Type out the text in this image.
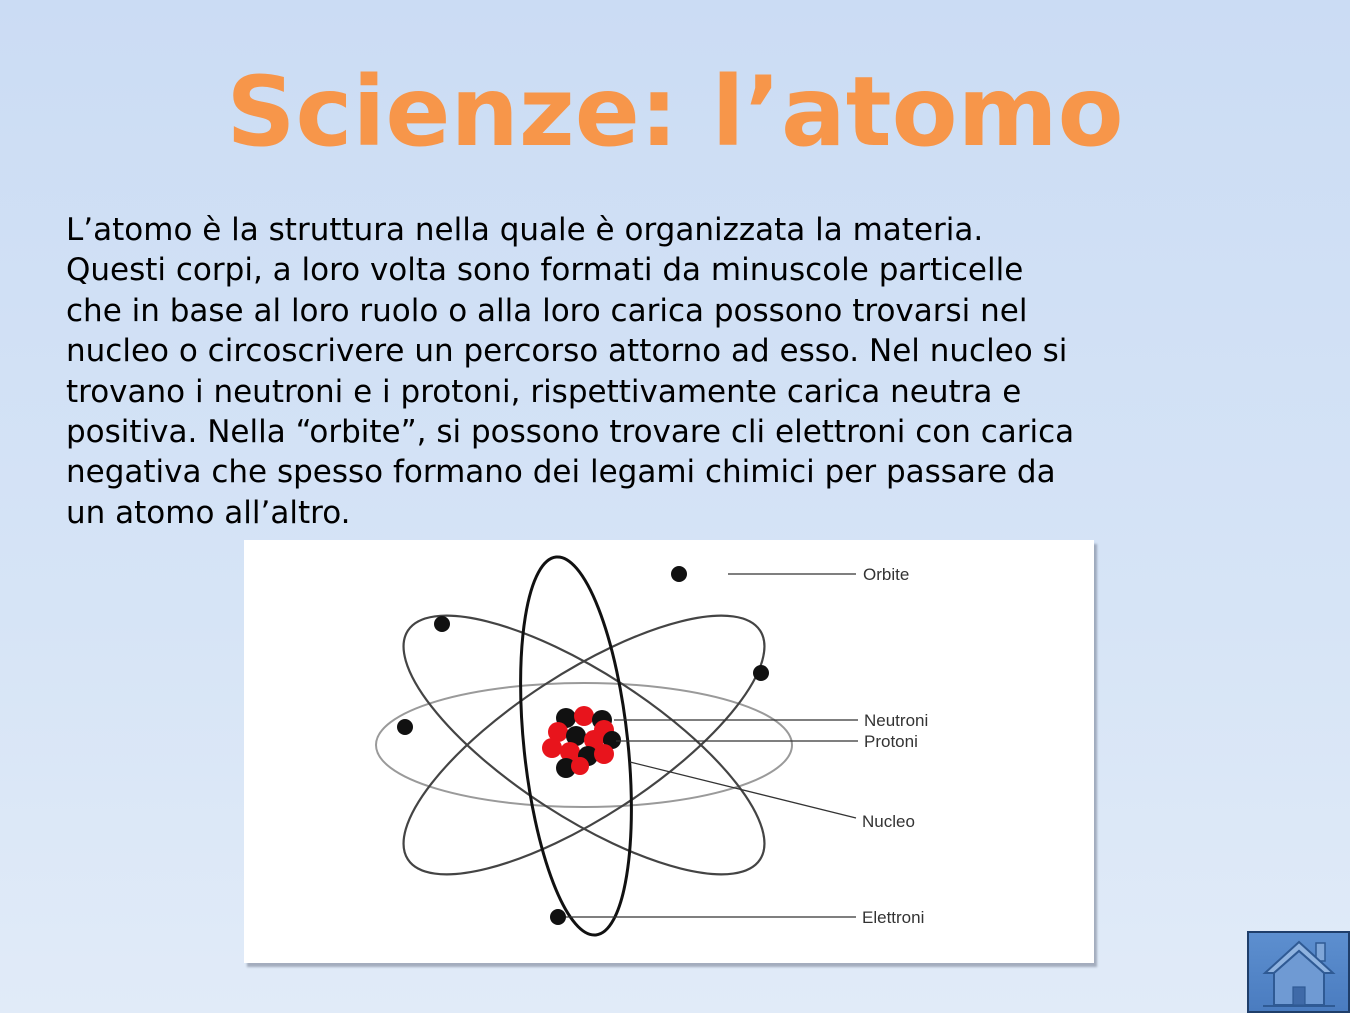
Scienze: l’atomo

L’atomo è la struttura nella quale è organizzata la materia.
Questi corpi, a loro volta sono formati da minuscole particelle
che in base al loro ruolo o alla loro carica possono trovarsi nel
nucleo o circoscrivere un percorso attorno ad esso. Nel nucleo si
trovano i neutroni e i protoni, rispettivamente carica neutra e
positiva. Nella “orbite”, si possono trovare cli elettroni con carica
negativa che spesso formano dei legami chimici per passare da
un atomo all’altro.

Orbite
Neutroni
Protoni
Nucleo
Elettroni
